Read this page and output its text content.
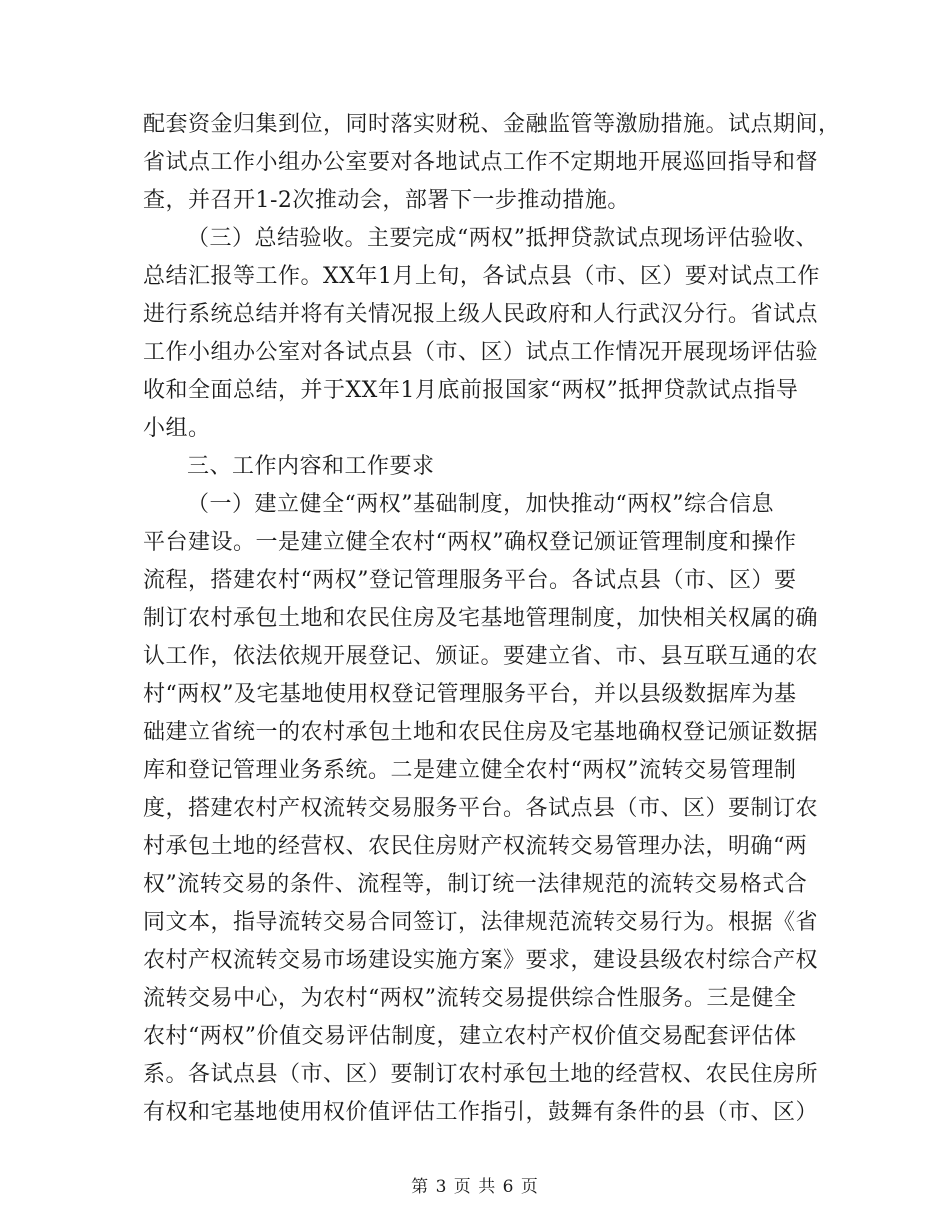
配套资金归集到位，同时落实财税、金融监管等激励措施。试点期间，
省试点工作小组办公室要对各地试点工作不定期地开展巡回指导和督
查，并召开1-2次推动会，部署下一步推动措施。
（三）总结验收。主要完成“两权”抵押贷款试点现场评估验收、
总结汇报等工作。XX年1月上旬，各试点县（市、区）要对试点工作
进行系统总结并将有关情况报上级人民政府和人行武汉分行。省试点
工作小组办公室对各试点县（市、区）试点工作情况开展现场评估验
收和全面总结，并于XX年1月底前报国家“两权”抵押贷款试点指导
小组。
三、工作内容和工作要求
（一）建立健全“两权”基础制度，加快推动“两权”综合信息
平台建设。一是建立健全农村“两权”确权登记颁证管理制度和操作
流程，搭建农村“两权”登记管理服务平台。各试点县（市、区）要
制订农村承包土地和农民住房及宅基地管理制度，加快相关权属的确
认工作，依法依规开展登记、颁证。要建立省、市、县互联互通的农
村“两权”及宅基地使用权登记管理服务平台，并以县级数据库为基
础建立省统一的农村承包土地和农民住房及宅基地确权登记颁证数据
库和登记管理业务系统。二是建立健全农村“两权”流转交易管理制
度，搭建农村产权流转交易服务平台。各试点县（市、区）要制订农
村承包土地的经营权、农民住房财产权流转交易管理办法，明确“两
权”流转交易的条件、流程等，制订统一法律规范的流转交易格式合
同文本，指导流转交易合同签订，法律规范流转交易行为。根据《省
农村产权流转交易市场建设实施方案》要求，建设县级农村综合产权
流转交易中心，为农村“两权”流转交易提供综合性服务。三是健全
农村“两权”价值交易评估制度，建立农村产权价值交易配套评估体
系。各试点县（市、区）要制订农村承包土地的经营权、农民住房所
有权和宅基地使用权价值评估工作指引，鼓舞有条件的县（市、区）
第 3 页 共 6 页
